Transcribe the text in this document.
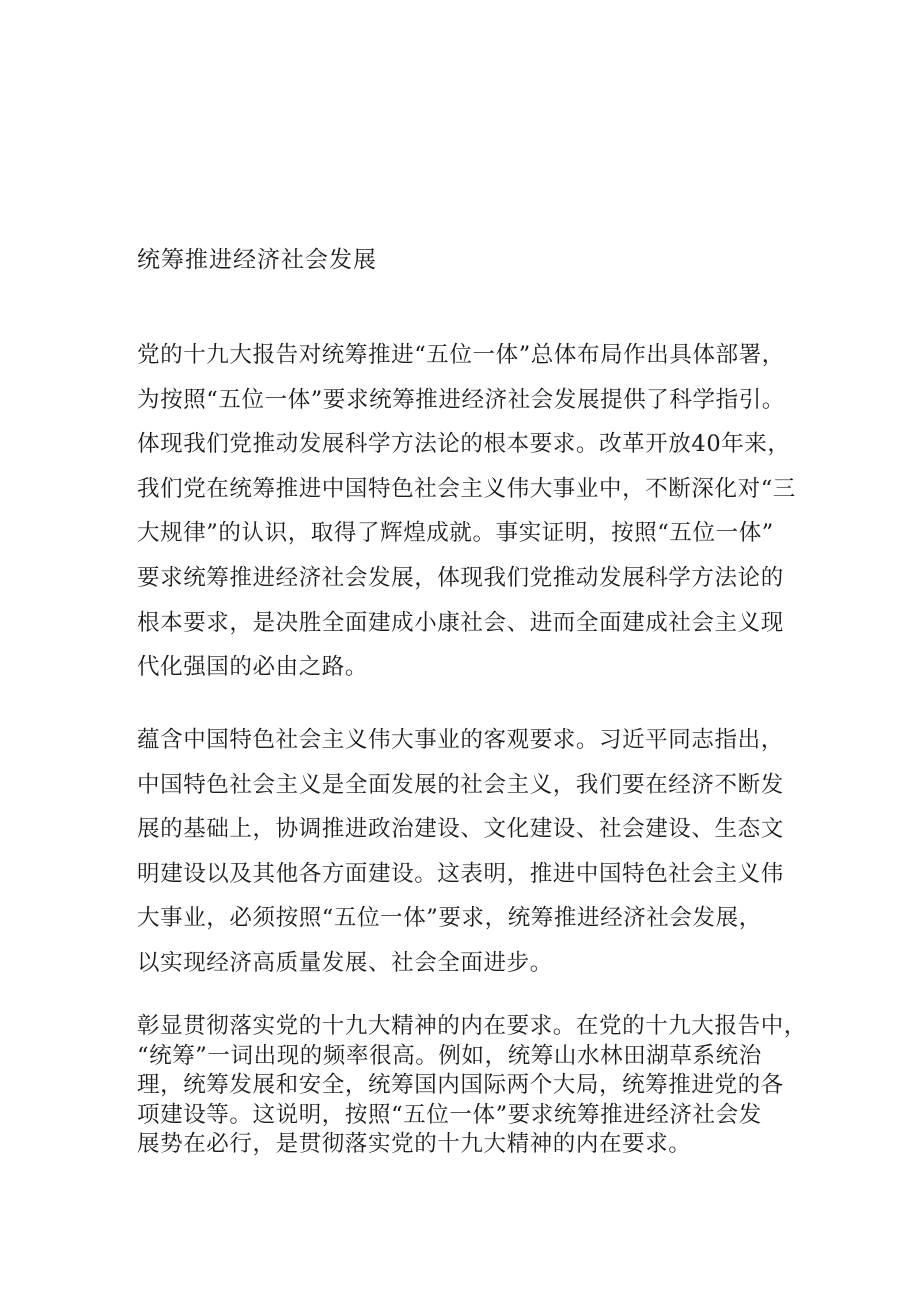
统筹推进经济社会发展
党的十九大报告对统筹推进“五位一体”总体布局作出具体部署，
为按照“五位一体”要求统筹推进经济社会发展提供了科学指引。
体现我们党推动发展科学方法论的根本要求。改革开放40年来，
我们党在统筹推进中国特色社会主义伟大事业中，不断深化对“三
大规律”的认识，取得了辉煌成就。事实证明，按照“五位一体”
要求统筹推进经济社会发展，体现我们党推动发展科学方法论的
根本要求，是决胜全面建成小康社会、进而全面建成社会主义现
代化强国的必由之路。
蕴含中国特色社会主义伟大事业的客观要求。习近平同志指出，
中国特色社会主义是全面发展的社会主义，我们要在经济不断发
展的基础上，协调推进政治建设、文化建设、社会建设、生态文
明建设以及其他各方面建设。这表明，推进中国特色社会主义伟
大事业，必须按照“五位一体”要求，统筹推进经济社会发展，
以实现经济高质量发展、社会全面进步。
彰显贯彻落实党的十九大精神的内在要求。在党的十九大报告中，
“统筹”一词出现的频率很高。例如，统筹山水林田湖草系统治
理，统筹发展和安全，统筹国内国际两个大局，统筹推进党的各
项建设等。这说明，按照“五位一体”要求统筹推进经济社会发
展势在必行，是贯彻落实党的十九大精神的内在要求。
